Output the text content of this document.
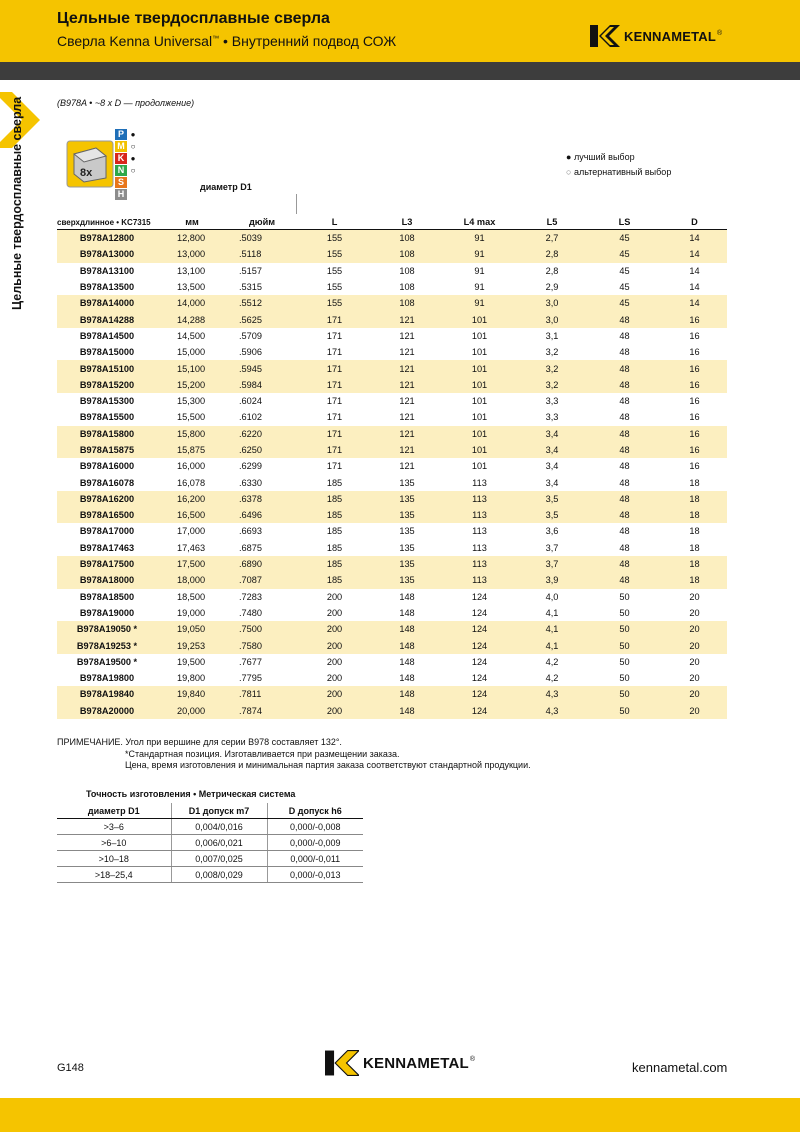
Цельные твердосплавные сверла
Сверла Kenna Universal™ • Внутренний подвод СОЖ	KENNAMETAL ®
Цельные твердосплавные сверла	(B978A • ~8 x D — продолжение)
8x
P ●
M ○
K ●
N ○
S
H
● лучший выбор
○ альтернативный выбор
диаметр D1
сверхдлинное • KC7315	мм	дюйм	L	L3	L4 max	L5	LS	D
B978A12800	12,800	.5039	155	108	91	2,7	45	14
B978A13000	13,000	.5118	155	108	91	2,8	45	14
B978A13100	13,100	.5157	155	108	91	2,8	45	14
B978A13500	13,500	.5315	155	108	91	2,9	45	14
B978A14000	14,000	.5512	155	108	91	3,0	45	14
B978A14288	14,288	.5625	171	121	101	3,0	48	16
B978A14500	14,500	.5709	171	121	101	3,1	48	16
B978A15000	15,000	.5906	171	121	101	3,2	48	16
B978A15100	15,100	.5945	171	121	101	3,2	48	16
B978A15200	15,200	.5984	171	121	101	3,2	48	16
B978A15300	15,300	.6024	171	121	101	3,3	48	16
B978A15500	15,500	.6102	171	121	101	3,3	48	16
B978A15800	15,800	.6220	171	121	101	3,4	48	16
B978A15875	15,875	.6250	171	121	101	3,4	48	16
B978A16000	16,000	.6299	171	121	101	3,4	48	16
B978A16078	16,078	.6330	185	135	113	3,4	48	18
B978A16200	16,200	.6378	185	135	113	3,5	48	18
B978A16500	16,500	.6496	185	135	113	3,5	48	18
B978A17000	17,000	.6693	185	135	113	3,6	48	18
B978A17463	17,463	.6875	185	135	113	3,7	48	18
B978A17500	17,500	.6890	185	135	113	3,7	48	18
B978A18000	18,000	.7087	185	135	113	3,9	48	18
B978A18500	18,500	.7283	200	148	124	4,0	50	20
B978A19000	19,000	.7480	200	148	124	4,1	50	20
B978A19050 *	19,050	.7500	200	148	124	4,1	50	20
B978A19253 *	19,253	.7580	200	148	124	4,1	50	20
B978A19500 *	19,500	.7677	200	148	124	4,2	50	20
B978A19800	19,800	.7795	200	148	124	4,2	50	20
B978A19840	19,840	.7811	200	148	124	4,3	50	20
B978A20000	20,000	.7874	200	148	124	4,3	50	20
ПРИМЕЧАНИЕ. Угол при вершине для серии B978 составляет 132°.
*Стандартная позиция. Изготавливается при размещении заказа.
Цена, время изготовления и минимальная партия заказа соответствуют стандартной продукции.
Точность изготовления • Метрическая система
диаметр D1	D1 допуск m7	D допуск h6
>3–6	0,004/0,016	0,000/-0,008
>6–10	0,006/0,021	0,000/-0,009
>10–18	0,007/0,025	0,000/-0,011
>18–25,4	0,008/0,029	0,000/-0,013
G148	KENNAMETAL ®
kennametal.com
